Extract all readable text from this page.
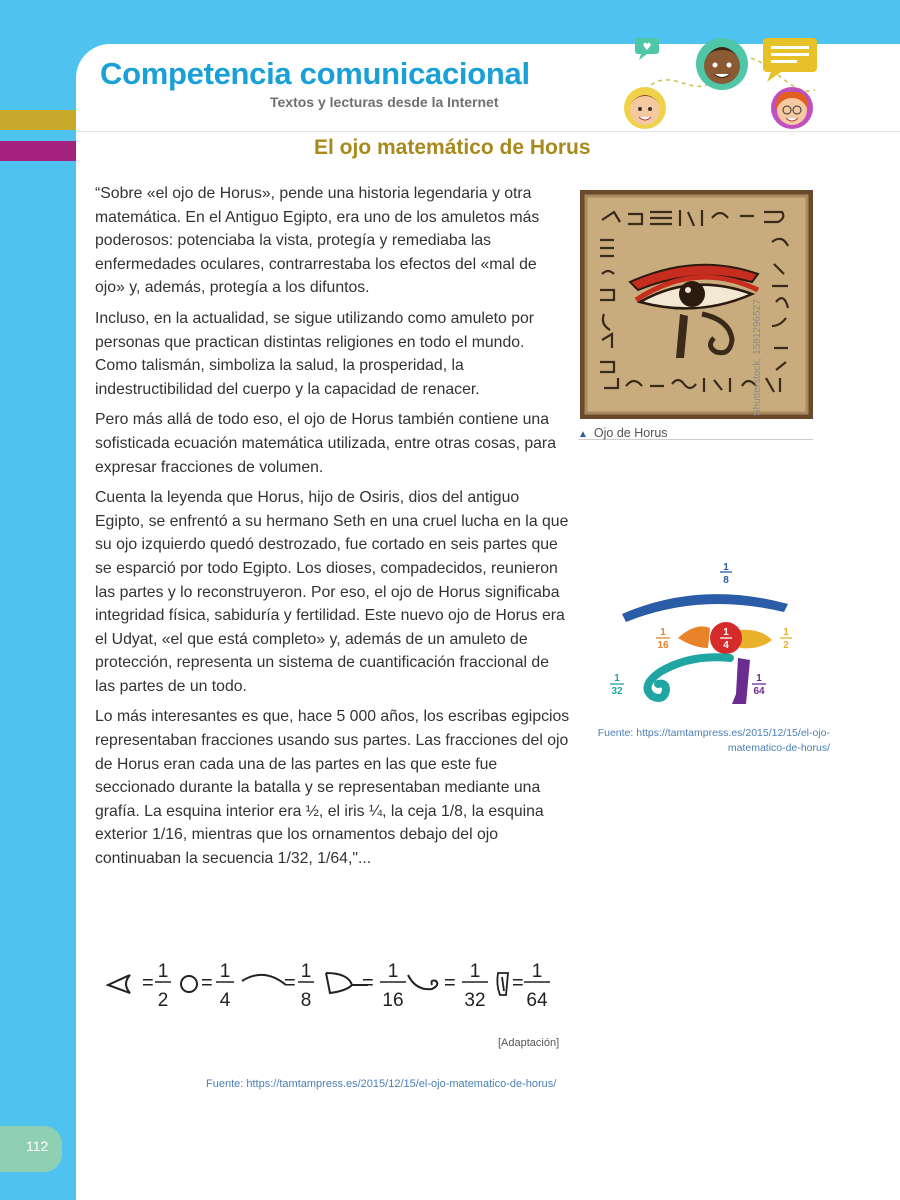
Competencia comunicacional
Textos y lecturas desde la Internet
♥
El ojo matemático de Horus

“Sobre «el ojo de Horus», pende una historia legendaria y otra matemática. En el Antiguo Egipto, era uno de los amuletos más poderosos: potenciaba la vista, protegía y remediaba las enfermedades oculares, contrarrestaba los efectos del «mal de ojo» y, además, protegía a los difuntos.

Incluso, en la actualidad, se sigue utilizando como amuleto por personas que practican distintas religiones en todo el mundo. Como talismán, simboliza la salud, la prosperidad, la indestructibilidad del cuerpo y la capacidad de renacer.

Pero más allá de todo eso, el ojo de Horus también contiene una sofisticada ecuación matemática utilizada, entre otras cosas, para expresar fracciones de volumen.

Cuenta la leyenda que Horus, hijo de Osiris, dios del antiguo Egipto, se enfrentó a su hermano Seth en una cruel lucha en la que su ojo izquierdo quedó destrozado, fue cortado en seis partes que se esparció por todo Egipto. Los dioses, compadecidos, reunieron las partes y lo reconstruyeron. Por eso, el ojo de Horus significaba integridad física, sabiduría y fertilidad. Este nuevo ojo de Horus era el Udyat, «el que está completo» y, además de un amuleto de protección, representa un sistema de cuantificación fraccional de las partes de un todo.

Lo más interesantes es que, hace 5 000 años, los escribas egipcios representaban fracciones usando sus partes. Las fracciones del ojo de Horus eran cada una de las partes en las que este fue seccionado durante la batalla y se representaban mediante una grafía. La esquina interior era ½, el iris ¼, la ceja 1/8, la esquina exterior 1/16, mientras que los ornamentos debajo del ojo continuaban la secuencia 1/32, 1/64,"...

▲ Ojo de Horus
Shutterstock, 1581296527
1
8
1
16
1
4
1
2
1
32
1
64
Fuente: https://tamtampress.es/2015/12/15/el-ojo-matematico-de-horus/
=
1
2
=
1
4
=
1
8
=
1
16
=
1
32
=
1
64
[Adaptación]
Fuente: https://tamtampress.es/2015/12/15/el-ojo-matematico-de-horus/
112
